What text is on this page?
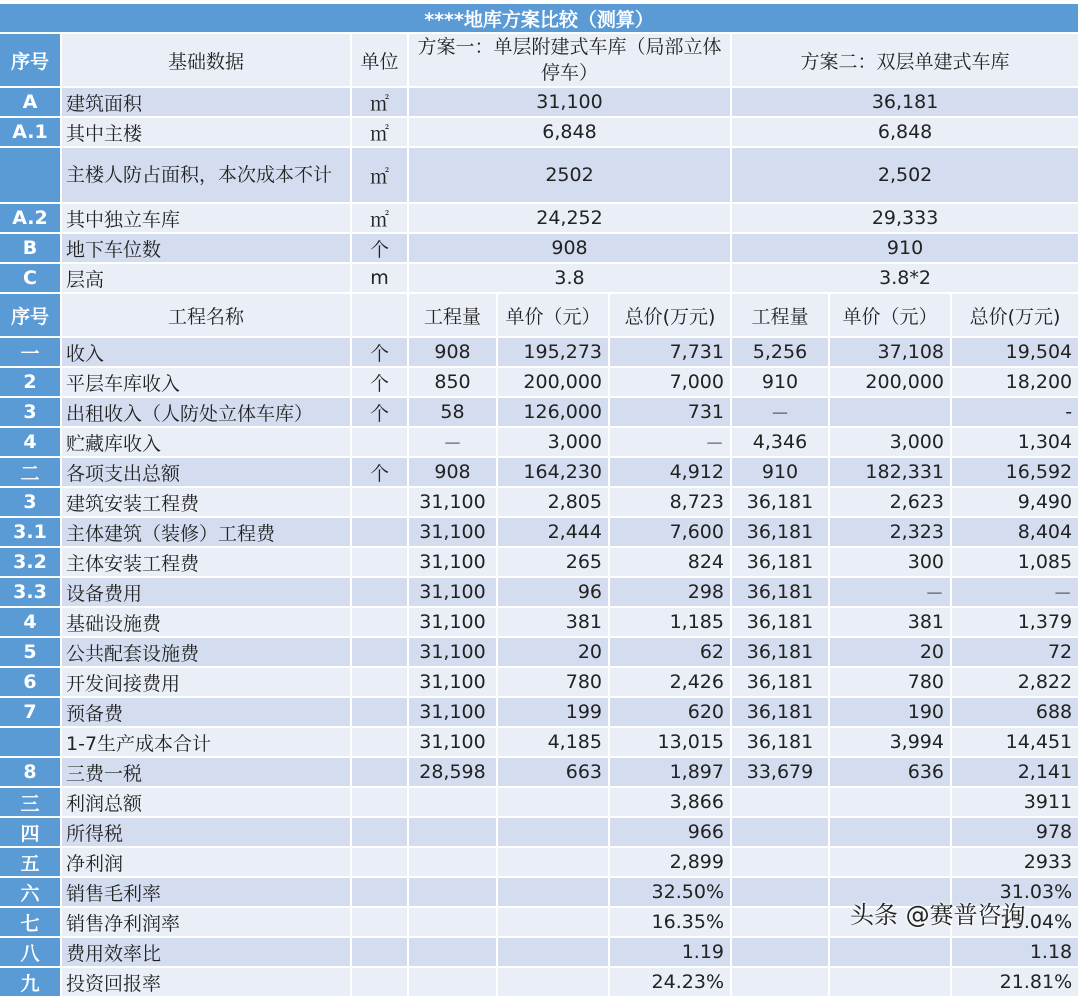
****地库方案比较（测算）								
序号	基础数据	单位	方案一：单层附建式车库（局部立体停车）			方案二：双层单建式车库		
A	建筑面积	㎡	31,100			36,181		
A.1	其中主楼	㎡	6,848			6,848		
	主楼人防占面积，本次成本不计	㎡	2502			2,502		
A.2	其中独立车库	㎡	24,252			29,333		
B	地下车位数	个	908			910		
C	层高	m	3.8			3.8*2		
序号	工程名称		工程量	单价（元）	总价(万元)	工程量	单价（元）	总价(万元)
一	收入	个	908	195,273	7,731	5,256	37,108	19,504
2	平层车库收入	个	850	200,000	7,000	910	200,000	18,200
3	出租收入（人防处立体车库）	个	58	126,000	731	－		-
4	贮藏库收入		－	3,000	－	4,346	3,000	1,304
二	各项支出总额	个	908	164,230	4,912	910	182,331	16,592
3	建筑安装工程费		31,100	2,805	8,723	36,181	2,623	9,490
3.1	主体建筑（装修）工程费		31,100	2,444	7,600	36,181	2,323	8,404
3.2	主体安装工程费		31,100	265	824	36,181	300	1,085
3.3	设备费用		31,100	96	298	36,181	－	－
4	基础设施费		31,100	381	1,185	36,181	381	1,379
5	公共配套设施费		31,100	20	62	36,181	20	72
6	开发间接费用		31,100	780	2,426	36,181	780	2,822
7	预备费		31,100	199	620	36,181	190	688
	1-7生产成本合计		31,100	4,185	13,015	36,181	3,994	14,451
8	三费一税		28,598	663	1,897	33,679	636	2,141
三	利润总额				3,866			3911
四	所得税				966			978
五	净利润				2,899			2933
六	销售毛利率				32.50%			31.03%
七	销售净利润率				16.35%			15.04%
八	费用效率比				1.19			1.18
九	投资回报率				24.23%			21.81%
头条 @赛普咨询
